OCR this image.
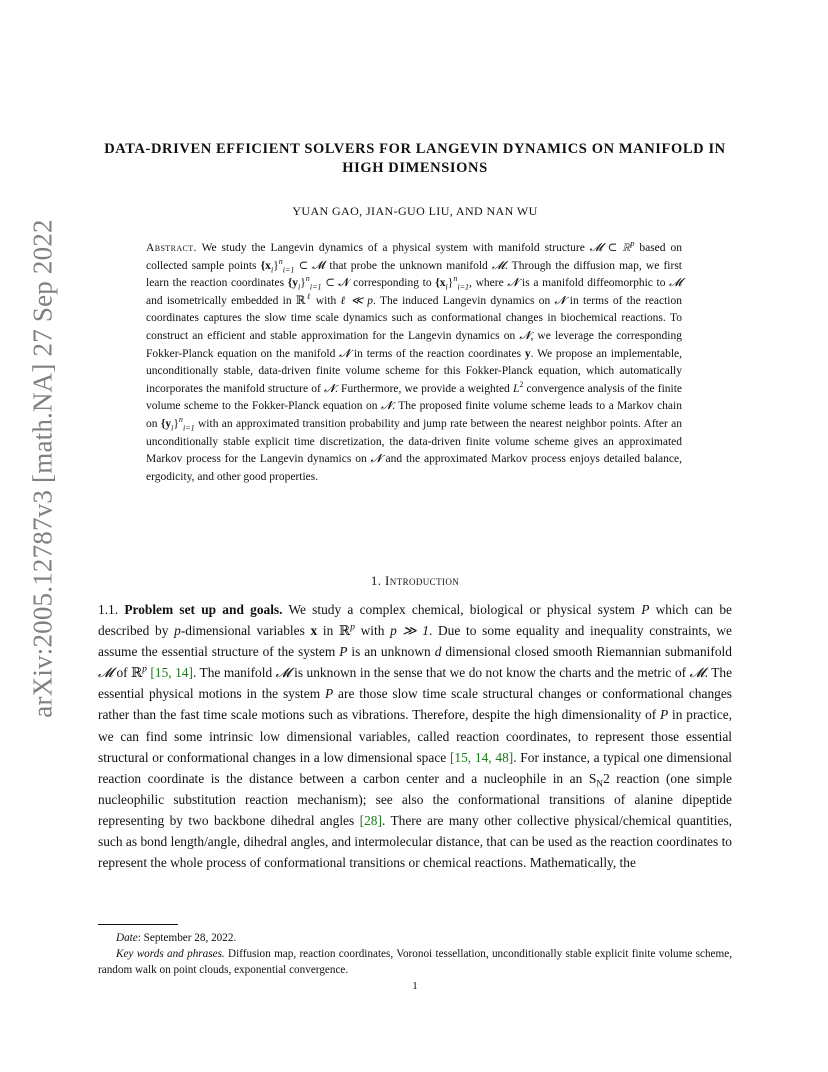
arXiv:2005.12787v3 [math.NA] 27 Sep 2022
DATA-DRIVEN EFFICIENT SOLVERS FOR LANGEVIN DYNAMICS ON MANIFOLD IN HIGH DIMENSIONS
YUAN GAO, JIAN-GUO LIU, AND NAN WU
Abstract. We study the Langevin dynamics of a physical system with manifold structure 𝓜 ⊂ ℝ$^p$ based on collected sample points $\{x_i\}^n_{i=1}$ ⊂ 𝓜 that probe the unknown manifold 𝓜. Through the diffusion map, we first learn the reaction coordinates $\{y_i\}^n_{i=1}$ ⊂ 𝓝 corresponding to $\{x_i\}^n_{i=1}$, where 𝓝 is a manifold diffeomorphic to 𝓜 and isometrically embedded in ℝ$^\ell$ with ℓ ≪ p. The induced Langevin dynamics on 𝓝 in terms of the reaction coordinates captures the slow time scale dynamics such as conformational changes in biochemical reactions. To construct an efficient and stable approximation for the Langevin dynamics on 𝓝, we leverage the corresponding Fokker-Planck equation on the manifold 𝓝 in terms of the reaction coordinates y. We propose an implementable, unconditionally stable, data-driven finite volume scheme for this Fokker-Planck equation, which automatically incorporates the manifold structure of 𝓝. Furthermore, we provide a weighted $L^2$ convergence analysis of the finite volume scheme to the Fokker-Planck equation on 𝓝. The proposed finite volume scheme leads to a Markov chain on $\{y_i\}^n_{i=1}$ with an approximated transition probability and jump rate between the nearest neighbor points. After an unconditionally stable explicit time discretization, the data-driven finite volume scheme gives an approximated Markov process for the Langevin dynamics on 𝓝 and the approximated Markov process enjoys detailed balance, ergodicity, and other good properties.
1. Introduction
1.1. Problem set up and goals. We study a complex chemical, biological or physical system P which can be described by p-dimensional variables x in ℝ$^p$ with p ≫ 1. Due to some equality and inequality constraints, we assume the essential structure of the system P is an unknown d dimensional closed smooth Riemannian submanifold 𝓜 of ℝ$^p$ [15, 14]. The manifold 𝓜 is unknown in the sense that we do not know the charts and the metric of 𝓜. The essential physical motions in the system P are those slow time scale structural changes or conformational changes rather than the fast time scale motions such as vibrations. Therefore, despite the high dimensionality of P in practice, we can find some intrinsic low dimensional variables, called reaction coordinates, to represent those essential structural or conformational changes in a low dimensional space [15, 14, 48]. For instance, a typical one dimensional reaction coordinate is the distance between a carbon center and a nucleophile in an $S_N2$ reaction (one simple nucleophilic substitution reaction mechanism); see also the conformational transitions of alanine dipeptide representing by two backbone dihedral angles [28]. There are many other collective physical/chemical quantities, such as bond length/angle, dihedral angles, and intermolecular distance, that can be used as the reaction coordinates to represent the whole process of conformational transitions or chemical reactions. Mathematically, the
Date: September 28, 2022.
Key words and phrases. Diffusion map, reaction coordinates, Voronoi tessellation, unconditionally stable explicit finite volume scheme, random walk on point clouds, exponential convergence.
1
